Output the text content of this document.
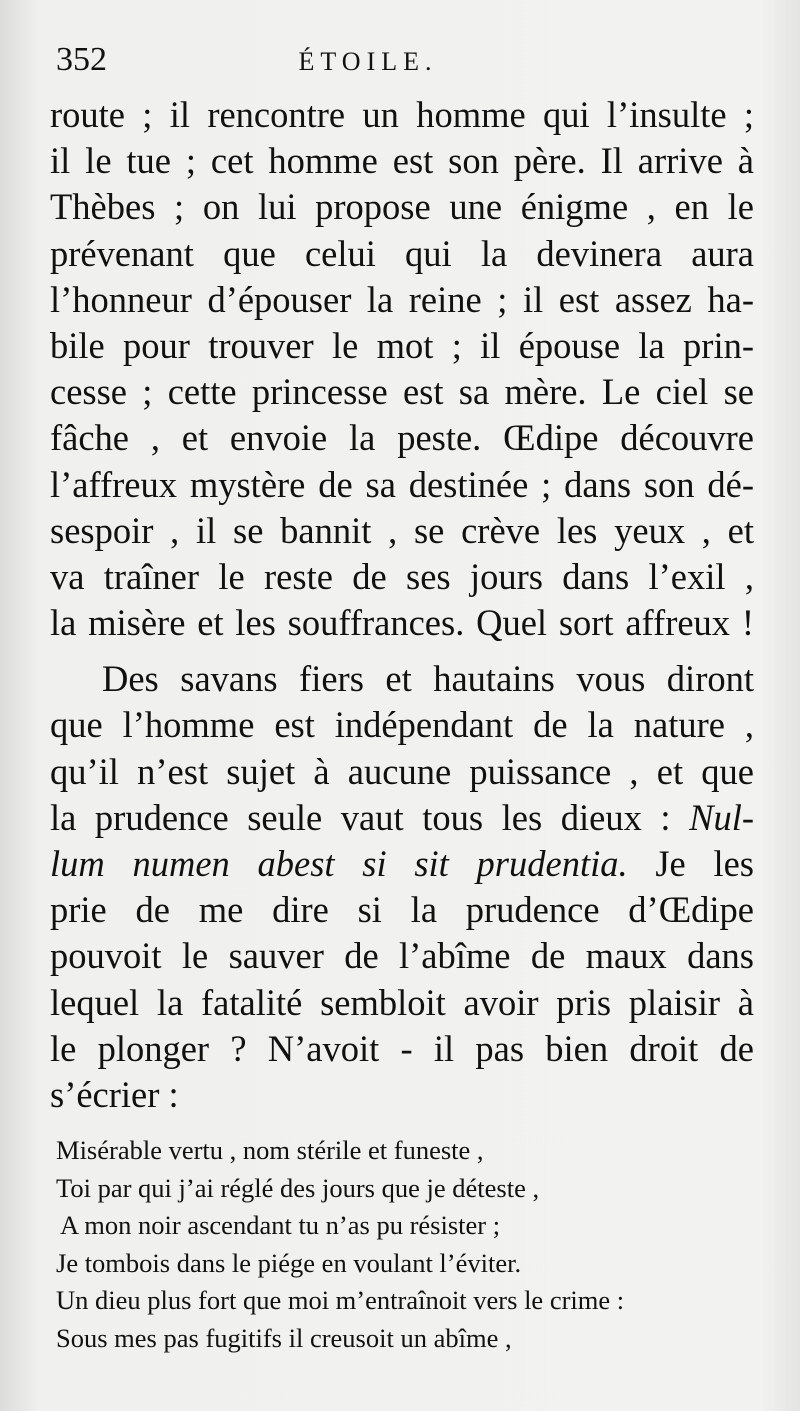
352	ÉTOILE.
route ; il rencontre un homme qui l’insulte ;
il le tue ; cet homme est son père. Il arrive à
Thèbes ; on lui propose une énigme , en le
prévenant que celui qui la devinera aura
l’honneur d’épouser la reine ; il est assez ha-
bile pour trouver le mot ; il épouse la prin-
cesse ; cette princesse est sa mère. Le ciel se
fâche , et envoie la peste. Œdipe découvre
l’affreux mystère de sa destinée ; dans son dé-
sespoir , il se bannit , se crève les yeux , et
va traîner le reste de ses jours dans l’exil ,
la misère et les souffrances. Quel sort affreux !
Des savans fiers et hautains vous diront
que l’homme est indépendant de la nature ,
qu’il n’est sujet à aucune puissance , et que
la prudence seule vaut tous les dieux : Nul-
lum numen abest si sit prudentia. Je les
prie de me dire si la prudence d’Œdipe
pouvoit le sauver de l’abîme de maux dans
lequel la fatalité sembloit avoir pris plaisir à
le plonger ? N’avoit - il pas bien droit de
s’écrier :
Misérable vertu , nom stérile et funeste ,
Toi par qui j’ai réglé des jours que je déteste ,
A mon noir ascendant tu n’as pu résister ;
Je tombois dans le piége en voulant l’éviter.
Un dieu plus fort que moi m’entraînoit vers le crime :
Sous mes pas fugitifs il creusoit un abîme ,
